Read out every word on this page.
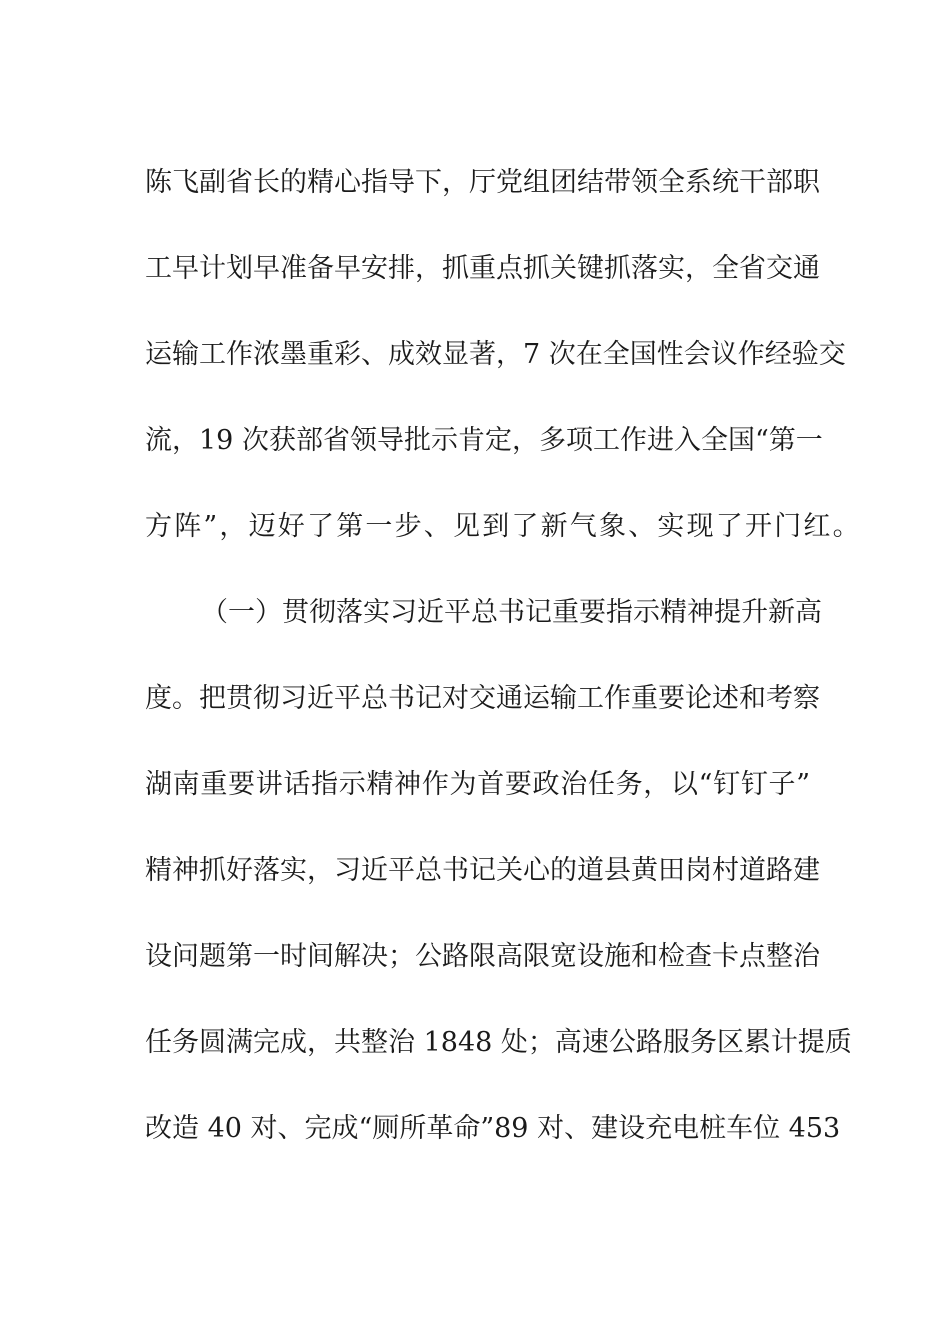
陈飞副省长的精心指导下，厅党组团结带领全系统干部职
工早计划早准备早安排，抓重点抓关键抓落实，全省交通
运输工作浓墨重彩、成效显著，7 次在全国性会议作经验交
流，19 次获部省领导批示肯定，多项工作进入全国“第一
方阵”，迈好了第一步、见到了新气象、实现了开门红。
（一）贯彻落实习近平总书记重要指示精神提升新高
度。把贯彻习近平总书记对交通运输工作重要论述和考察
湖南重要讲话指示精神作为首要政治任务，以“钉钉子”
精神抓好落实，习近平总书记关心的道县黄田岗村道路建
设问题第一时间解决；公路限高限宽设施和检查卡点整治
任务圆满完成，共整治 1848 处；高速公路服务区累计提质
改造 40 对、完成“厕所革命”89 对、建设充电桩车位 453
